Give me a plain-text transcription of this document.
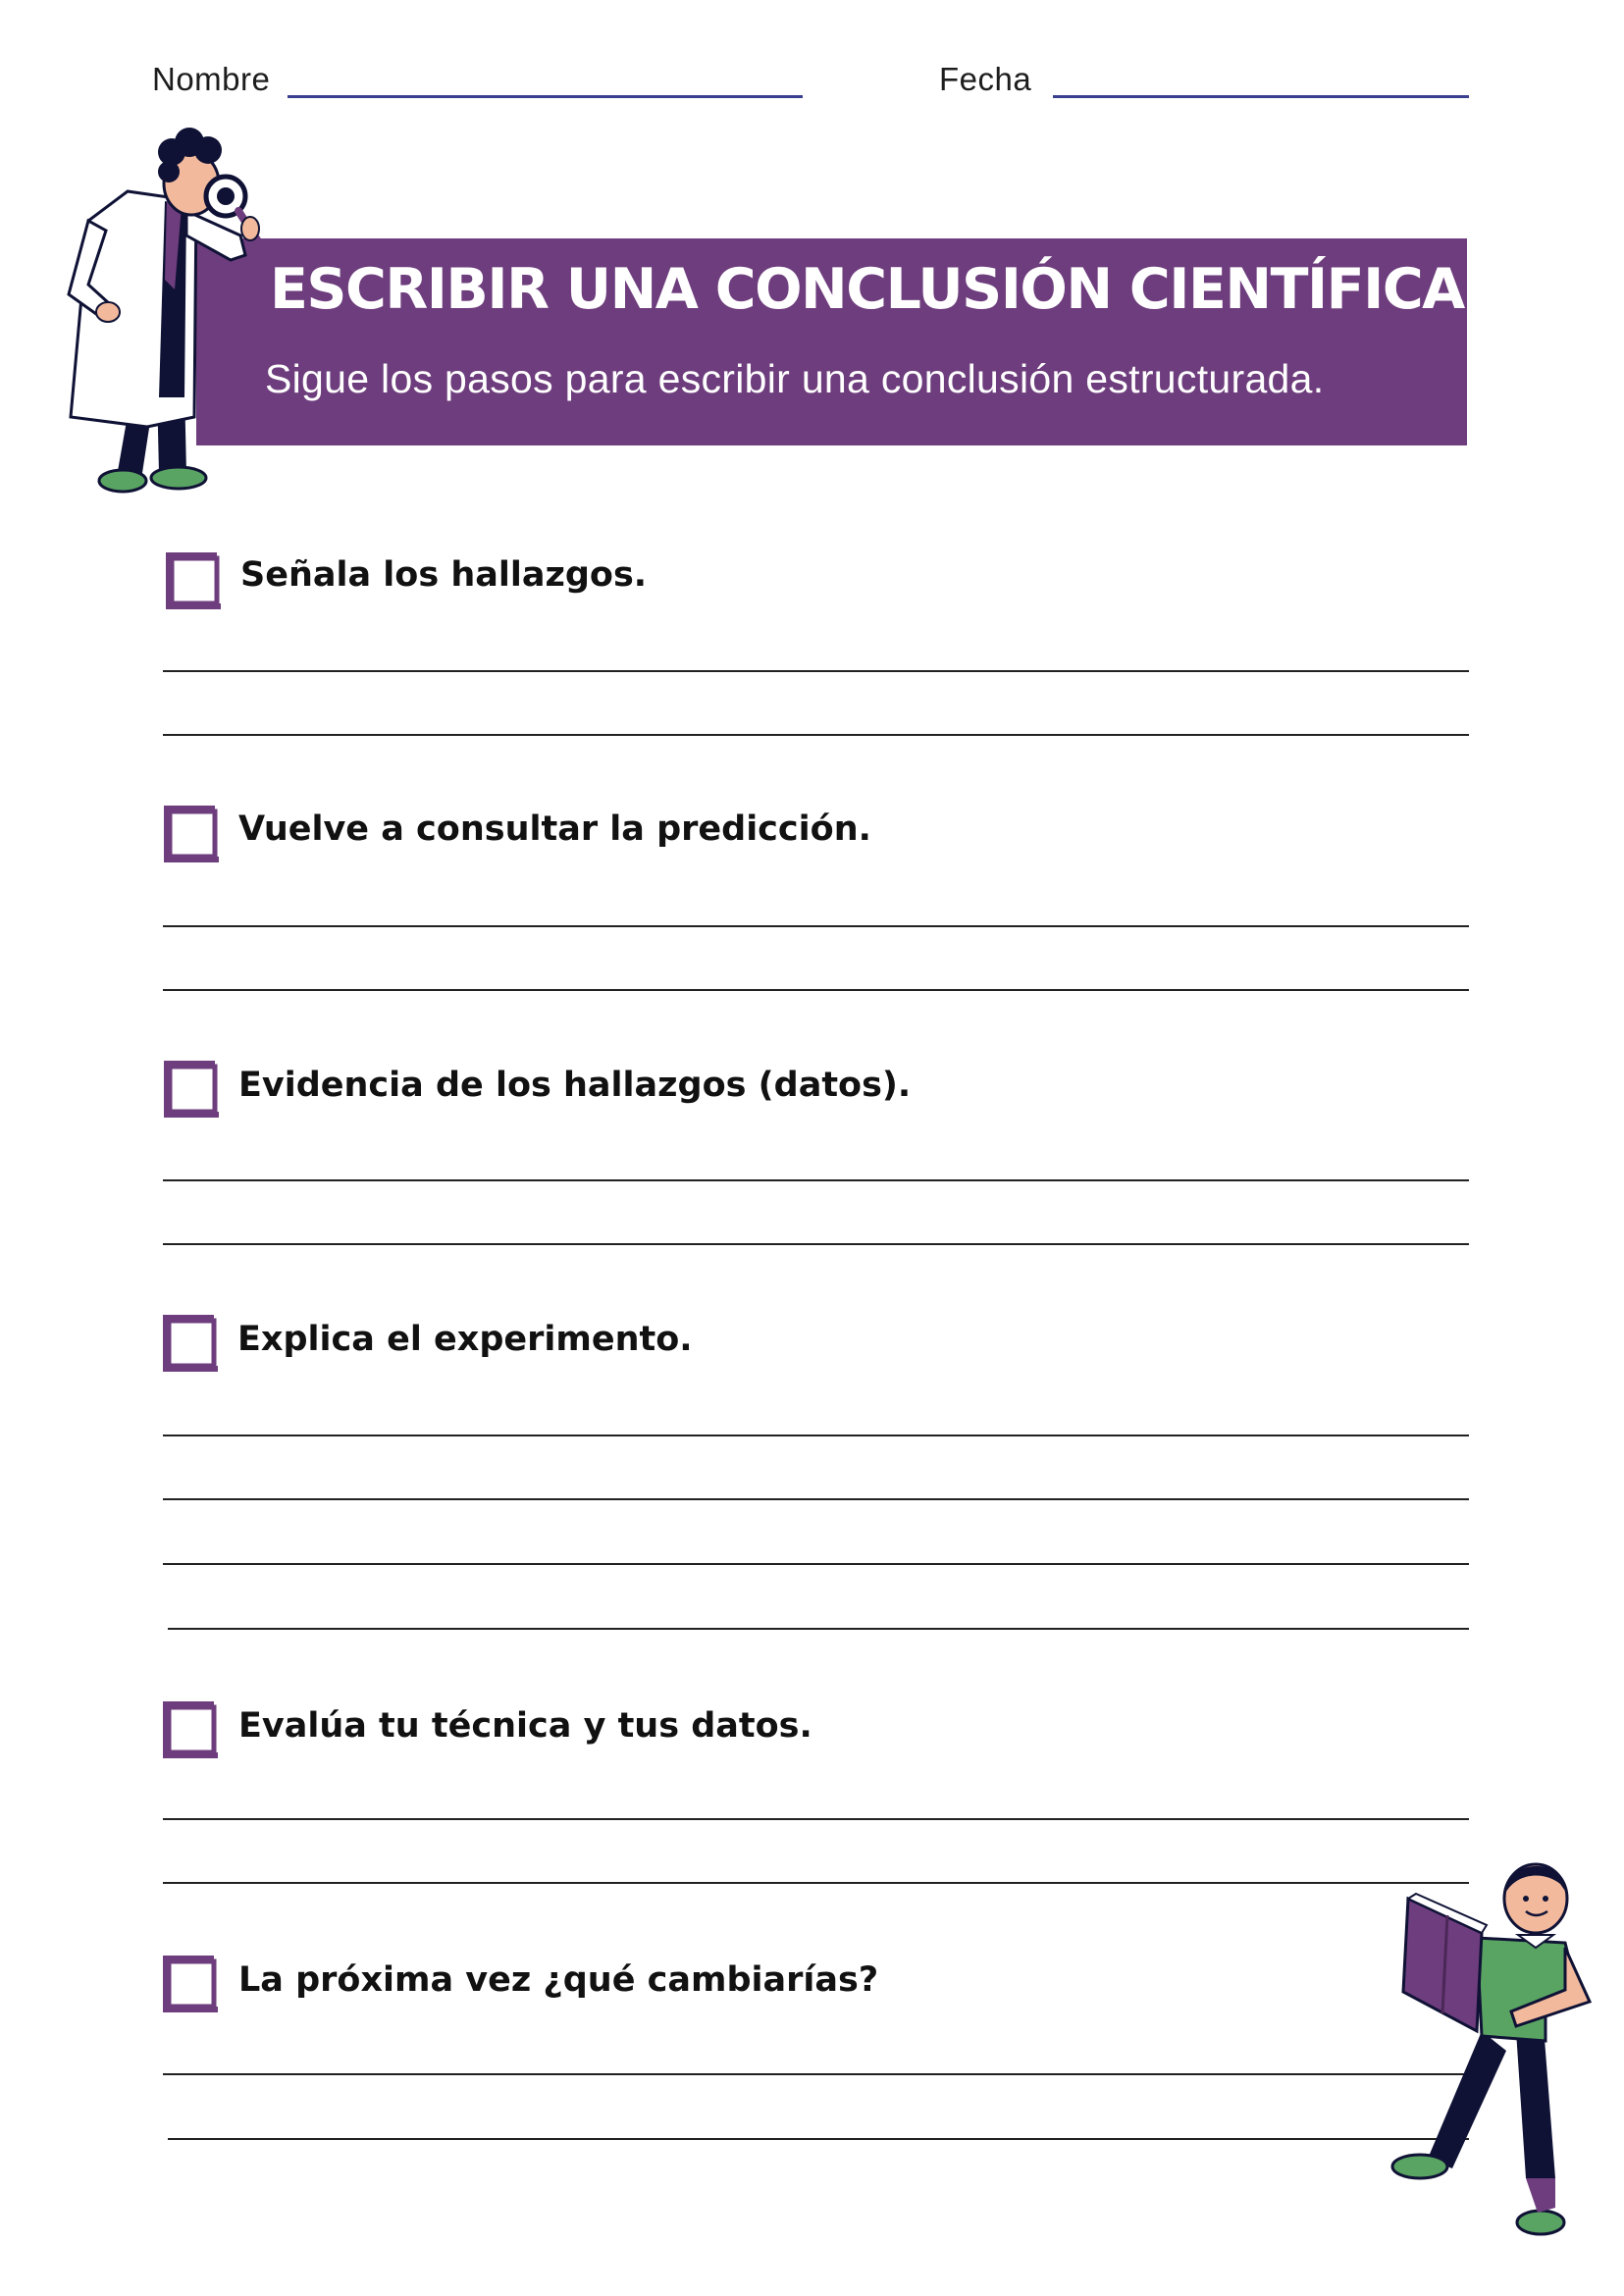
Nombre	Fecha
ESCRIBIR UNA CONCLUSIÓN CIENTÍFICA
Sigue los pasos para escribir una conclusión estructurada.
Señala los hallazgos.
Vuelve a consultar la predicción.
Evidencia de los hallazgos (datos).
Explica el experimento.
Evalúa tu técnica y tus datos.
La próxima vez ¿qué cambiarías?
